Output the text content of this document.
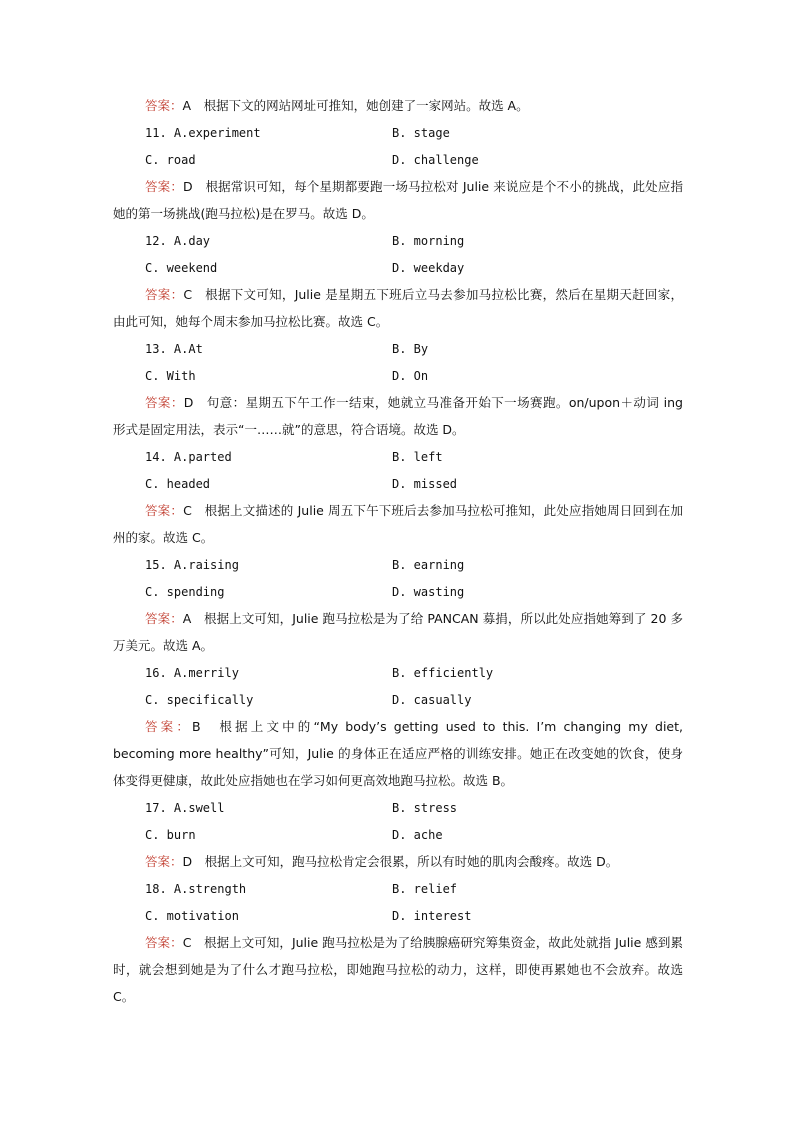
答案：A　根据下文的网站网址可推知，她创建了一家网站。故选 A。
11. A.experiment	B. stage
C. road	D. challenge
答案：D　根据常识可知，每个星期都要跑一场马拉松对 Julie 来说应是个不小的挑战，此处应指她的第一场挑战(跑马拉松)是在罗马。故选 D。
12. A.day	B. morning
C. weekend	D. weekday
答案：C　根据下文可知，Julie 是星期五下班后立马去参加马拉松比赛，然后在星期天赶回家，由此可知，她每个周末参加马拉松比赛。故选 C。
13. A.At	B. By
C. With	D. On
答案：D　句意：星期五下午工作一结束，她就立马准备开始下一场赛跑。on/upon＋动词 ing 形式是固定用法，表示“一……就”的意思，符合语境。故选 D。
14. A.parted	B. left
C. headed	D. missed
答案：C　根据上文描述的 Julie 周五下午下班后去参加马拉松可推知，此处应指她周日回到在加州的家。故选 C。
15. A.raising	B. earning
C. spending	D. wasting
答案：A　根据上文可知，Julie 跑马拉松是为了给 PANCAN 募捐，所以此处应指她筹到了 20 多万美元。故选 A。
16. A.merrily	B. efficiently
C. specifically	D. casually
答案：B　根据上文中的“My body’s getting used to this. I’m changing my diet, becoming more healthy”可知，Julie 的身体正在适应严格的训练安排。她正在改变她的饮食，使身体变得更健康，故此处应指她也在学习如何更高效地跑马拉松。故选 B。
17. A.swell	B. stress
C. burn	D. ache
答案：D　根据上文可知，跑马拉松肯定会很累，所以有时她的肌肉会酸疼。故选 D。
18. A.strength	B. relief
C. motivation	D. interest
答案：C　根据上文可知，Julie 跑马拉松是为了给胰腺癌研究筹集资金，故此处就指 Julie 感到累时，就会想到她是为了什么才跑马拉松，即她跑马拉松的动力，这样，即使再累她也不会放弃。故选 C。
